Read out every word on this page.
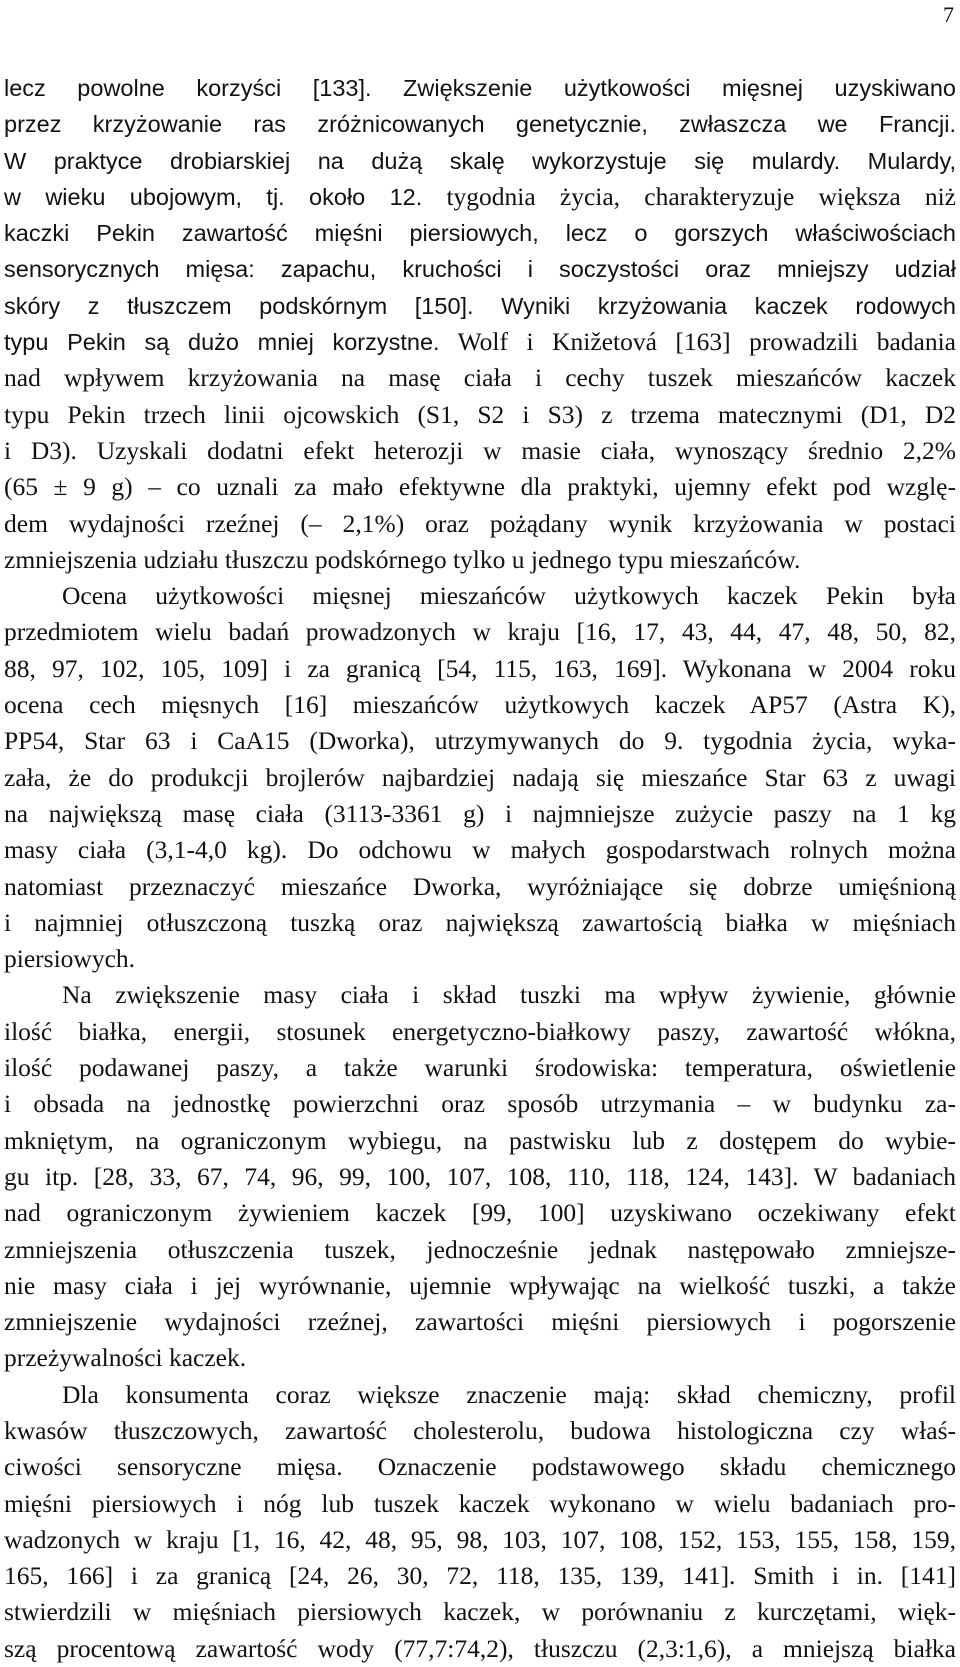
7
lecz powolne korzyści [133]. Zwiększenie użytkowości mięsnej uzyskiwano
przez krzyżowanie ras zróżnicowanych genetycznie, zwłaszcza we Francji.
W praktyce drobiarskiej na dużą skalę wykorzystuje się mulardy. Mulardy,
w wieku ubojowym, tj. około 12. tygodnia życia, charakteryzuje większa niż
kaczki Pekin zawartość mięśni piersiowych, lecz o gorszych właściwościach
sensorycznych mięsa: zapachu, kruchości i soczystości oraz mniejszy udział
skóry z tłuszczem podskórnym [150]. Wyniki krzyżowania kaczek rodowych
typu Pekin są dużo mniej korzystne. Wolf i Knižetová [163] prowadzili badania
nad wpływem krzyżowania na masę ciała i cechy tuszek mieszańców kaczek
typu Pekin trzech linii ojcowskich (S1, S2 i S3) z trzema matecznymi (D1, D2
i D3). Uzyskali dodatni efekt heterozji w masie ciała, wynoszący średnio 2,2%
(65 ± 9 g) – co uznali za mało efektywne dla praktyki, ujemny efekt pod wzglę-
dem wydajności rzeźnej (– 2,1%) oraz pożądany wynik krzyżowania w postaci
zmniejszenia udziału tłuszczu podskórnego tylko u jednego typu mieszańców.
Ocena użytkowości mięsnej mieszańców użytkowych kaczek Pekin była
przedmiotem wielu badań prowadzonych w kraju [16, 17, 43, 44, 47, 48, 50, 82,
88, 97, 102, 105, 109] i za granicą [54, 115, 163, 169]. Wykonana w 2004 roku
ocena cech mięsnych [16] mieszańców użytkowych kaczek AP57 (Astra K),
PP54, Star 63 i CaA15 (Dworka), utrzymywanych do 9. tygodnia życia, wyka-
zała, że do produkcji brojlerów najbardziej nadają się mieszańce Star 63 z uwagi
na największą masę ciała (3113-3361 g) i najmniejsze zużycie paszy na 1 kg
masy ciała (3,1-4,0 kg). Do odchowu w małych gospodarstwach rolnych można
natomiast przeznaczyć mieszańce Dworka, wyróżniające się dobrze umięśnioną
i najmniej otłuszczoną tuszką oraz największą zawartością białka w mięśniach
piersiowych.
Na zwiększenie masy ciała i skład tuszki ma wpływ żywienie, głównie
ilość białka, energii, stosunek energetyczno-białkowy paszy, zawartość włókna,
ilość podawanej paszy, a także warunki środowiska: temperatura, oświetlenie
i obsada na jednostkę powierzchni oraz sposób utrzymania – w budynku za-
mkniętym, na ograniczonym wybiegu, na pastwisku lub z dostępem do wybie-
gu itp. [28, 33, 67, 74, 96, 99, 100, 107, 108, 110, 118, 124, 143]. W badaniach
nad ograniczonym żywieniem kaczek [99, 100] uzyskiwano oczekiwany efekt
zmniejszenia otłuszczenia tuszek, jednocześnie jednak następowało zmniejsze-
nie masy ciała i jej wyrównanie, ujemnie wpływając na wielkość tuszki, a także
zmniejszenie wydajności rzeźnej, zawartości mięśni piersiowych i pogorszenie
przeżywalności kaczek.
Dla konsumenta coraz większe znaczenie mają: skład chemiczny, profil
kwasów tłuszczowych, zawartość cholesterolu, budowa histologiczna czy właś-
ciwości sensoryczne mięsa. Oznaczenie podstawowego składu chemicznego
mięśni piersiowych i nóg lub tuszek kaczek wykonano w wielu badaniach pro-
wadzonych w kraju [1, 16, 42, 48, 95, 98, 103, 107, 108, 152, 153, 155, 158, 159,
165, 166] i za granicą [24, 26, 30, 72, 118, 135, 139, 141]. Smith i in. [141]
stwierdzili w mięśniach piersiowych kaczek, w porównaniu z kurczętami, więk-
szą procentową zawartość wody (77,7:74,2), tłuszczu (2,3:1,6), a mniejszą białka
